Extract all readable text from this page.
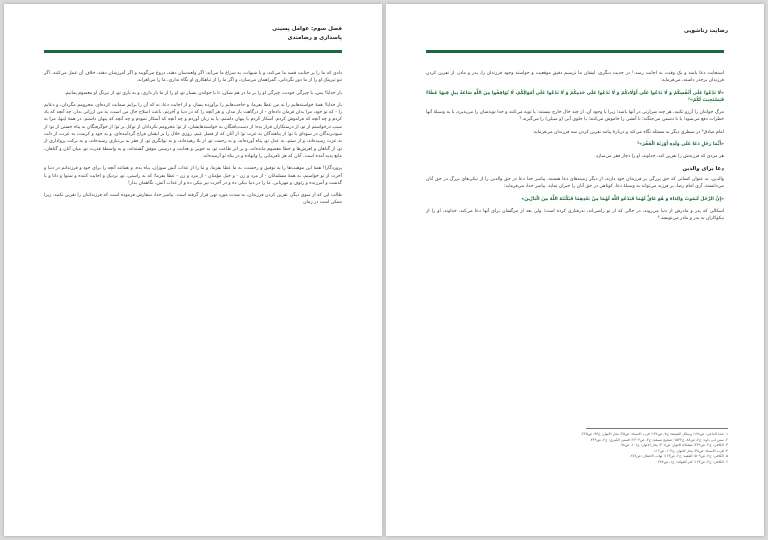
فصل سوم: عوامل پسینی
پاسداری و رضامندی

دادی که ما را بر جنابت قصد ما می‌کند، و با شبهات، به سراغ ما می‌آید. اگر ولعندسان دهند، دروغ می‌گویند و اگر آمرزشان دهند، خلاف آن عمل می‌کنند. اگر تنو تیرینک او را از ما دور نگردانی، گمراهمان می‌سازد، و اگر ما را از تباهکاری او نگاه نداری، ما را می‌لغزاند.

بار خدایا! پس، با چیرگی خودت، چیرگی او را بر ما در هم شکن، تا با خواندن بسیار تو، او را از ما باز داری، و به یاری تو، از نیرنگ او معصوم بمانیم.

بار خدایا! همهٔ خواسته‌هایم را به من عطا بفرما، و حاجت‌هایم را برآورده بساز، و از اجابت دعا، نه که آن را برایم ضمانت کرده‌ای، محرومم مگردان، و دعایم را - که تو خود، مرا بدان فرمان داده‌ای - از درگاهت باز مدار، و هر آنچه را که در دنیا و آخرتم، باعث اصلاح حال من است، به من ارزانی بدار، چه آنچه که یاد کردم و چه آنچه که فراموش کردم. آشکار کردم یا پنهان داشتم، یا به زبان آوردم و چه آنچه که آشکار نمودم و چه آنچه که پنهان داشتم. در همهٔ اینها، مرا به سبب درخواستم از تو، از درستکاران قرار بده؛ از دست‌یافتگان به خواسته‌هایشان، از تو؛ محرومم نکردانان از توکل بر تو؛ از خوگرفتگان به پناه جستن از تو؛ از سودبرندگان در سودای با تو؛ از پناهندگان به عزت تو؛ از آنان که از فضل عیم، روزی حلال را بر ایشان فراخ گردانیده‌ای، و به جود و کرمت، به عزت، از ذلت به عزت رسیده‌اند، و از ستم، به عدل تو، پناه آورده‌اند، و به رحمت تو، از بلا رهیده‌اند، و به توانگری تو، از فقر به بی‌نیازی رسیده‌اند، و به برکت پرواداری از تو، از گناهان و لغزش‌ها و خطا معصوم مانده‌اند، و بر اثر طاعت تو، به خوبی و هدایت و درستی موفق گشته‌اند، و به واسطهٔ قدرت تو، میان آنان و گناهان، مانع پدید آمده است. آنان که هر نافرمانی را وانهاده و در پناه تو آرمیده‌اند.

پروردگارا! همهٔ این موهبت‌ها را به توفیق و رحمتت، به ما عطا بفرما، و ما را از عذاب آتش سوزان، پناه بده، و همانند آنچه را برای خود و فرزندانم در دنیا و آخرت از تو خواستم، به همهٔ مسلمانان - از مرد و زن - و خیل مؤمنان - از مرد و زن - عطا بفرما؛ که به راستی، تو، نزدیک و اجابت کننده و شنوا و دانا و با گذشت و آمرزنده و رئوف و مهربانی. ما را در دنیا نیکی ده و در آخرت نیز نیکی ده و از عذاب آتش، نگاهمان بدار!

طالب این که از سوی دیگر، نفرین کردن فرزندان، به شدت مورد نهی قرار گرفته است. پیامبر خدا، سفارش فرموده است که فرزندانتان را نفرین نکنید، زیرا ممکن است در زمان

رضایت زناشویی

استجابت دعا باشد و یک وقت، به اجابت رسد.¹ در حدیث دیگری، ایشان ما ترسیم دقیق موقعیت و خواسته وجود فرزندان را، پدر و مادر، از نفرین کردن فرزندان برحذر داشته، می‌فرماید:

«لَا تَدْعُوا عَلَى أَنْفُسِكُمْ وَ لَا تَدْعُوا عَلَى أَوْلَادِكُمْ وَ لَا تَدْعُوا عَلَى خَدَمِكُمْ وَ لَا تَدْعُوا عَلَى أَمْوَالِكُمْ، لَا تُوَافِقُوا مِنَ اللَّهِ سَاعَةً نِيلٍ فِيهَا عَطَاءٌ فَيَسْتَجِيبَ لَكُمْ»²

مرگ جوانتان را آرزو نکنید، هر چند شرارتی در آنها باشد؛ زیرا یا وجود آن، از چند حال خارج نیستند: یا توبه می‌کنند و خدا توبه‌شان را می‌پذیرد، یا به وسیلهٔ آنها خطرات دفع می‌شود؛ یا با دشمن می‌جنگند؛ یا آنشی را خاموش می‌کنند؛ یا جلوی آبی (و سیلی) را می‌گیرند.³

امام صادق⁴ در سطری دیگر به مسئله نگاه می‌کند و دربارهٔ پیامد نفرین کردن سه فرزندان می‌فرماید:

«أَيُّمَا رَجُلٍ دَعَا عَلَى وَلَدِهِ أَوْرَثَهُ الْفَقْرَ»⁵

هر مردی که فرزندش را نفرین کند، خداوند، او را دچار فقر می‌سازد.

دعا برای والدین

والدین، به عنوان کسانی که حق بزرگی بر فرزندان خود دارند، از دیگر زمینه‌های دعا هستند. پیامبر خدا دعا در حق والدین را از نیکی‌های بزرگ در حق آنان می‌دانسته. آری امام رضا، بر فرزند می‌تواند به وسیلهٔ دعا، کوتاهی در حق آنان را جبران نماید. پیامبر خدا، می‌فرماید:

«إِنَّ الرَّجُلَ لَيَمُوتُ وَالِدَاهُ وَ هُوَ عَاقٌّ لَهُمَا فَيَدْعُو اللَّهَ لَهُمَا مِنْ بَعْدِهِمَا فَيَكْتُبُهُ اللَّهُ مِنَ الْبَارِّينَ»

اسکالی که پدر و مادرش از دنیا می‌روند، در حالی که از تو راضی‌اند، ندرفتاری کرده است؛ ولی بعد از مرگشان برای آنها دعا می‌کند، خداوند، او را از نیکوکاران به پدر و مادر می‌نویسد.⁶

۱. عدة الداعی: ص۱۷۸؛ وسائل الشیعة: ج۷، ص۱۳۸؛ قرب الاسناد: ص۲۵؛ بحار الانوار: ج۹۳، ص۲۲۵.

۲. سنن ابی داود: ج۲، ص۸۸، ح۱۵۳۲؛ صحیح مسلم: ج۴، ص۲۳۰۴؛ السنن الکبری: ج۲، ص۴۴۹.

۳. الکافی: ج۲، ص۴۴۹؛ مشکاة الانوار: ص۳۰۸؛ بحار الانوار: ج۱۰۱، ص۹۸.

۴. قرب الاسناد: ص۳۸؛ بحار الانوار: ج۱۰۴، ص۱۱۲.

۵. الکافی: ج۲، ص۵۰۹؛ الفقیه: ج۲، ص۱۶۳؛ ثواب الاعمال: ص۲۸۲.

۶. الکافی: ج۲، ص۱۶۳؛ کنز الفوائد: ج۱، ص۳۷۷.
